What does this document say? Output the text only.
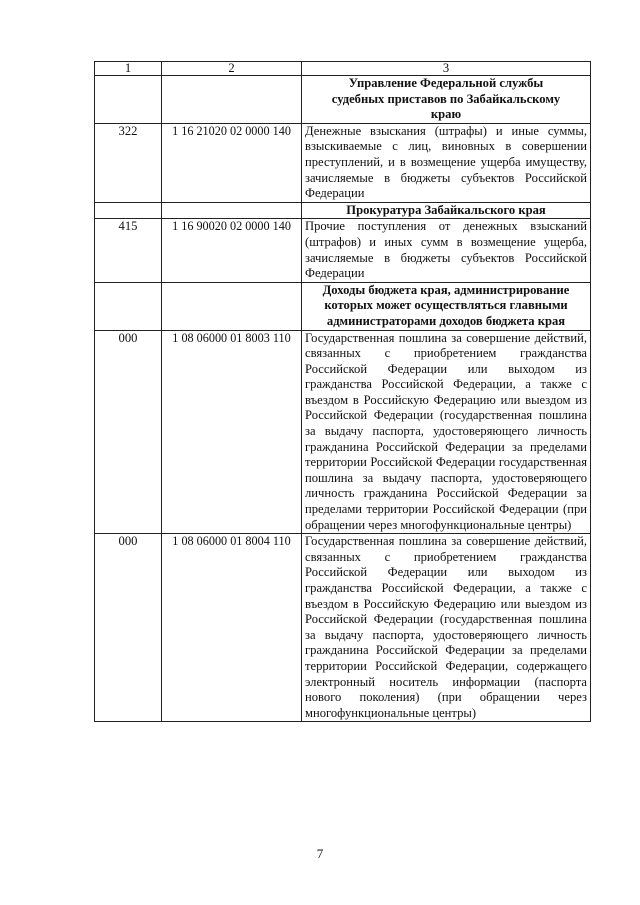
1	2	3
		Управление Федеральной службы судебных приставов по Забайкальскому краю
322	1 16 21020 02 0000 140	Денежные взыскания (штрафы) и иные суммы, взыскиваемые с лиц, виновных в совершении преступлений, и в возмещение ущерба имуществу, зачисляемые в бюджеты субъектов Российской Федерации
		Прокуратура Забайкальского края
415	1 16 90020 02 0000 140	Прочие поступления от денежных взысканий (штрафов) и иных сумм в возмещение ущерба, зачисляемые в бюджеты субъектов Российской Федерации
		Доходы бюджета края, администрирование которых может осуществляться главными администраторами доходов бюджета края
000	1 08 06000 01 8003 110	Государственная пошлина за совершение действий, связанных с приобретением гражданства Российской Федерации или выходом из гражданства Российской Федерации, а также с въездом в Российскую Федерацию или выездом из Российской Федерации (государственная пошлина за выдачу паспорта, удостоверяющего личность гражданина Российской Федерации за пределами территории Российской Федерации государственная пошлина за выдачу паспорта, удостоверяющего личность гражданина Российской Федерации за пределами территории Российской Федерации (при обращении через многофункциональные центры)
000	1 08 06000 01 8004 110	Государственная пошлина за совершение действий, связанных с приобретением гражданства Российской Федерации или выходом из гражданства Российской Федерации, а также с въездом в Российскую Федерацию или выездом из Российской Федерации (государственная пошлина за выдачу паспорта, удостоверяющего личность гражданина Российской Федерации за пределами территории Российской Федерации, содержащего электронный носитель информации (паспорта нового поколения) (при обращении через многофункциональные центры)
7
